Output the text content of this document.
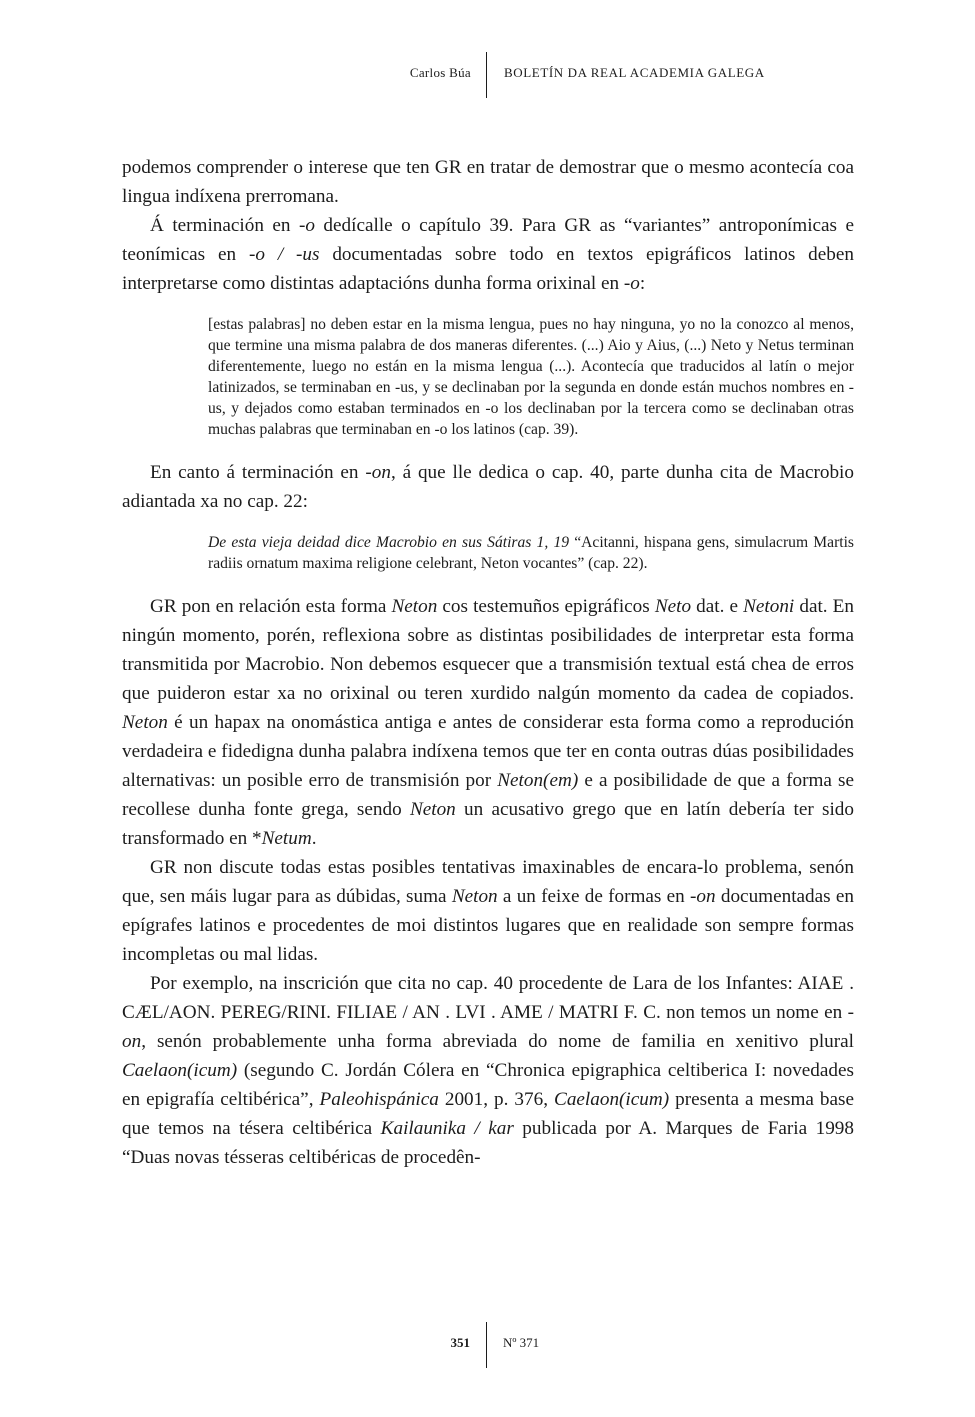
Carlos Búa	BOLETÍN DA REAL ACADEMIA GALEGA

podemos comprender o interese que ten GR en tratar de demostrar que o mesmo acontecía coa lingua indíxena prerromana.

Á terminación en -o dedícalle o capítulo 39. Para GR as “variantes” antroponímicas e teonímicas en -o / -us documentadas sobre todo en textos epigráficos latinos deben interpretarse como distintas adaptacións dunha forma orixinal en -o:

[estas palabras] no deben estar en la misma lengua, pues no hay ninguna, yo no la conozco al menos, que termine una misma palabra de dos maneras diferentes. (...) Aio y Aius, (...) Neto y Netus terminan diferentemente, luego no están en la misma lengua (...). Acontecía que traducidos al latín o mejor latinizados, se terminaban en -us, y se declinaban por la segunda en donde están muchos nombres en -us, y dejados como estaban terminados en -o los declinaban por la tercera como se declinaban otras muchas palabras que terminaban en -o los latinos (cap. 39).

En canto á terminación en -on, á que lle dedica o cap. 40, parte dunha cita de Macrobio adiantada xa no cap. 22:

De esta vieja deidad dice Macrobio en sus Sátiras 1, 19 “Acitanni, hispana gens, simulacrum Martis radiis ornatum maxima religione celebrant, Neton vocantes” (cap. 22).

GR pon en relación esta forma Neton cos testemuños epigráficos Neto dat. e Netoni dat. En ningún momento, porén, reflexiona sobre as distintas posibilidades de interpretar esta forma transmitida por Macrobio. Non debemos esquecer que a transmisión textual está chea de erros que puideron estar xa no orixinal ou teren xurdido nalgún momento da cadea de copiados. Neton é un hapax na onomástica antiga e antes de considerar esta forma como a reprodución verdadeira e fidedigna dunha palabra indíxena temos que ter en conta outras dúas posibilidades alternativas: un posible erro de transmisión por Neton(em) e a posibilidade de que a forma se recollese dunha fonte grega, sendo Neton un acusativo grego que en latín debería ter sido transformado en *Netum.

GR non discute todas estas posibles tentativas imaxinables de encara-lo problema, senón que, sen máis lugar para as dúbidas, suma Neton a un feixe de formas en -on documentadas en epígrafes latinos e procedentes de moi distintos lugares que en realidade son sempre formas incompletas ou mal lidas.

Por exemplo, na inscrición que cita no cap. 40 procedente de Lara de los Infantes: AIAE . CÆL/AON. PEREG/RINI. FILIAE / AN . LVI . AME / MATRI F. C. non temos un nome en -on, senón probablemente unha forma abreviada do nome de familia en xenitivo plural Caelaon(icum) (segundo C. Jordán Cólera en “Chronica epigraphica celtiberica I: novedades en epigrafía celtibérica”, Paleohispánica 2001, p. 376, Caelaon(icum) presenta a mesma base que temos na tésera celtibérica Kailaunika / kar publicada por A. Marques de Faria 1998 “Duas novas tésseras celtibéricas de procedên-

351	Nº 371
